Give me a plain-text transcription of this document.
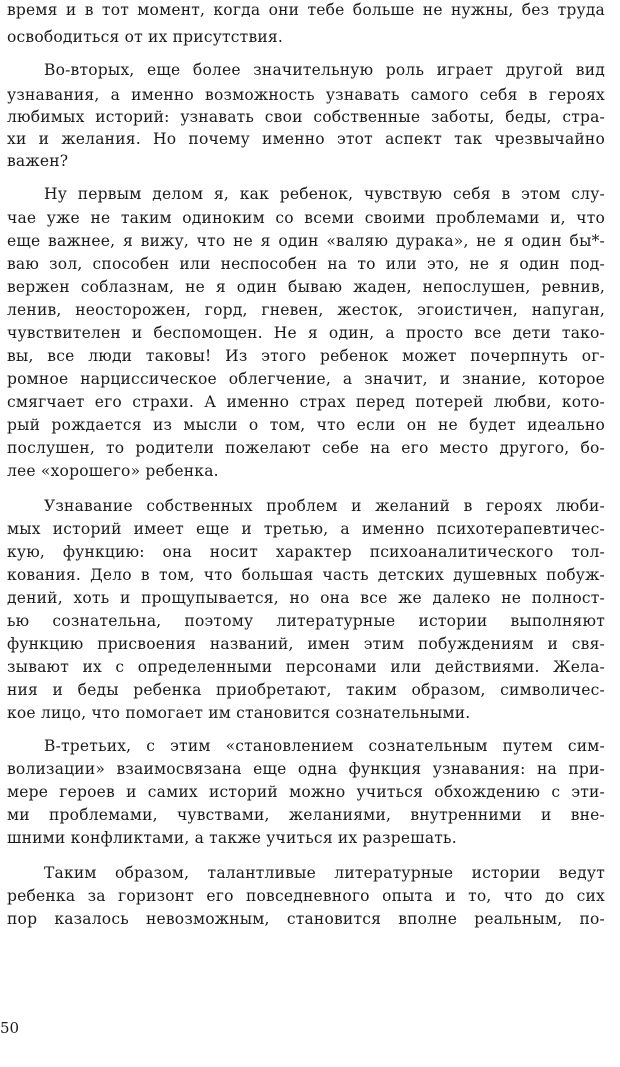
время и в тот момент, когда они тебе больше не нужны, без труда
освободиться от их присутствия.
Во-вторых, еще более значительную роль играет другой вид
узнавания, а именно возможность узнавать самого себя в героях
любимых историй: узнавать свои собственные заботы, беды, стра-
хи и желания. Но почему именно этот аспект так чрезвычайно
важен?
Ну первым делом я, как ребенок, чувствую себя в этом слу-
чае уже не таким одиноким со всеми своими проблемами и, что
еще важнее, я вижу, что не я один «валяю дурака», не я один бы*-
ваю зол, способен или неспособен на то или это, не я один под-
вержен соблазнам, не я один бываю жаден, непослушен, ревнив,
ленив, неосторожен, горд, гневен, жесток, эгоистичен, напуган,
чувствителен и беспомощен. Не я один, а просто все дети тако-
вы, все люди таковы! Из этого ребенок может почерпнуть ог-
ромное нарциссическое облегчение, а значит, и знание, которое
смягчает его страхи. А именно страх перед потерей любви, кото-
рый рождается из мысли о том, что если он не будет идеально
послушен, то родители пожелают себе на его место другого, бо-
лее «хорошего» ребенка.
Узнавание собственных проблем и желаний в героях люби-
мых историй имеет еще и третью, а именно психотерапевтичес-
кую, функцию: она носит характер психоаналитического тол-
кования. Дело в том, что большая часть детских душевных побуж-
дений, хоть и прощупывается, но она все же далеко не полност-
ью сознательна, поэтому литературные истории выполняют
функцию присвоения названий, имен этим побуждениям и свя-
зывают их с определенными персонами или действиями. Жела-
ния и беды ребенка приобретают, таким образом, символичес-
кое лицо, что помогает им становится сознательными.
В-третьих, с этим «становлением сознательным путем сим-
волизации» взаимосвязана еще одна функция узнавания: на при-
мере героев и самих историй можно учиться обхождению с эти-
ми проблемами, чувствами, желаниями, внутренними и вне-
шними конфликтами, а также учиться их разрешать.
Таким образом, талантливые литературные истории ведут
ребенка за горизонт его повседневного опыта и то, что до сих
пор казалось невозможным, становится вполне реальным, по-
50
